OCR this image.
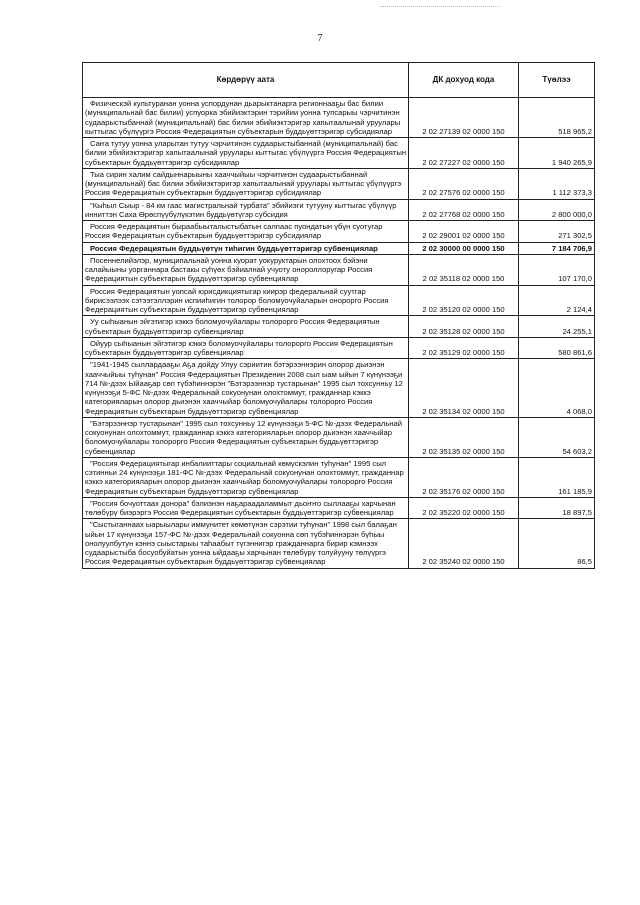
7
Көрдөрүү аата	ДК дохуод кода	Түөлээ
Физическэй культуранан уонна успордунан дьарыктанарга регионнааҕы бас билии (муниципальнай бас билии) успуорка эбийиэктэрин тэрийии уонна тупсарыы чэрчитинэн судаарыстыбаннай (муниципальнай) бас билии эбийиэктэригэр хапытаалынай уруулары кыттыгас үбүлүүргэ Россия Федерациятын субъектарын буддьүөттэригэр субсидиялар	2 02 27139 02 0000 150	518 965,2
Саҥа тутуу уонна уларытан тутуу чэрчитинэн судаарыстыбаннай (муниципальнай) бас билии эбийиэктэригэр хапытаалынай уруулары кыттыгас үбүлүүргэ Россия Федерациятын субъектарын буддьүөттэригэр субсидиялар	2 02 27227 02 0000 150	1 940 265,9
Тыа сирин халим сайдыннарыыны хааччыйыы чэрчитинэн судаарыстыбаннай (муниципальнай) бас билии эбийиэктэригэр хапытаалынай уруулары кыттыгас үбүлүүргэ Россия Федерациятын субъектарын буддьүөттэригэр субсидиялар	2 02 27576 02 0000 150	1 112 373,3
"Кыһыл Сыыр - 84 км гаас магистральнай турбата" эбийиэги тутууну кыттыгас үбүлүүр инниттэн Саха Өрөспүүбүлүкэтин буддьүөтүгэр субсидия	2 02 27768 02 0000 150	2 800 000,0
Россия Федерациятын быраабыыталыстыбатын салпаас пуондатын үбүн суотугар Россия Федерациятын субъектарын буддьүөттэригэр субсидиялар	2 02 29001 02 0000 150	271 302,5
Россия Федерациятын буддьүөтүн тиһигин буддьүөттэригэр субвенциялар	2 02 30000 00 0000 150	7 184 706,9
Посеннелийэлэр, муниципальнай уонна куорат уокуруктарын олохтоох бэйэни салайыыны уорганнара бастакы сүһүөх бэйиалнай учуоту онороллоругар Россия Федерациятын субъектарын буддьүөттэригэр субвенциялар	2 02 35118 02 0000 150	107 170,0
Россия Федерациятын уопсай юрисдикциятыгар киирэр федеральнай суутгар бирисээлээх сэтээтэллэрин испииһигин толорор боломуочуйаларын онорорго Россия Федерациятын субъектарын буддьүөттэригэр субвенциялар	2 02 35120 02 0000 150	2 124,4
Уу сыһыанын эйгэтигэр кэккэ боломуочуйалары толорорго Россия Федерациятын субъектарын буддьүөттэригэр субвенциялар	2 02 35128 02 0000 150	24 255,1
Ойуур сыһыанын эйгэтигэр кэккэ боломуочуйалары толорорго Россия Федерациятын субъектарын буддьүөттэригэр субвенциялар	2 02 35129 02 0000 150	580 861,6
"1941-1945 сыллардааҕы Аҕа дойду Улуу сэриитин бэтэрээннэрин олорор дьиэнэн хааччыйыы туһунан" Россия Федерациятын Президенин 2008 сыл ыам ыйын 7 күнүнээҕи 714 №-дээх Ыйааҕар сөп түбэһиннэрэн "Бэтэрээннэр тустарынан" 1995 сыл тохсунньу 12 күнүнээҕи 5-ФС №-дээх Федеральнай сокуонунан олохтоммут, гражданнар кэккэ категорияларын олорор дьиэнэн хааччыйар боломуочуйалары толорорго Россия Федерациятын субъектарын буддьүөттэригэр субвенциялар	2 02 35134 02 0000 150	4 068,0
"Бэтэрээннэр тустарынан" 1995 сыл тохсунньу 12 күнүнээҕи 5-ФС №-дээх Федеральнай сокуонунан олохтоммут, гражданнар кэккэ категорияларын олорор дьиэнэн хааччыйар боломуочуйалары толорорго Россия Федерациятын субъектарын буддьүөттэригэр субвенциялар	2 02 35135 02 0000 150	54 603,2
"Россия Федерациятыгар инбалииттары социальнай көмүскэлин туһунан" 1995 сыл сэтинньи 24 күнүнээҕи 181-ФС №-дээх Федеральнай сокуонунан олохтоммут, гражданнар кэккэ категорияларын олорор дьиэнэн хааччыйар боломуочуйалары толорорго Россия Федерациятын субъектарын буддьүөттэригэр субвенциялар	2 02 35176 02 0000 150	161 185,9
"Россия бочуоттаах донора" бэлиэнэн наҕараадаламмыт дьоҥҥо сыллааҕы харчынан төлөбүрү биэрэргэ Россия Федерациятын субъектарын буддьүөттэригэр субвенциялар	2 02 35220 02 0000 150	18 897,5
"Сыстыганнаах ыарыылары иммунитет көмөтүнэн сэрэтии туһунан" 1998 сыл балаҕан ыйын 17 күнүнээҕи 157-ФС №-дээх Федеральнай сокуонна сөп түбэһиннэрэн бүһыы онолуулбутун кэннэ сыыстарыы таһаабыт түгэннигэр гражданнарга бирир кэмнээх судаарыстыба босуобуйатын уонна ыйдааҕы харчынан төлөбүрү толуйууну төлүүргэ Россия Федерациятын субъектарын буддьүөттэригэр субвенциялар	2 02 35240 02 0000 150	86,5
